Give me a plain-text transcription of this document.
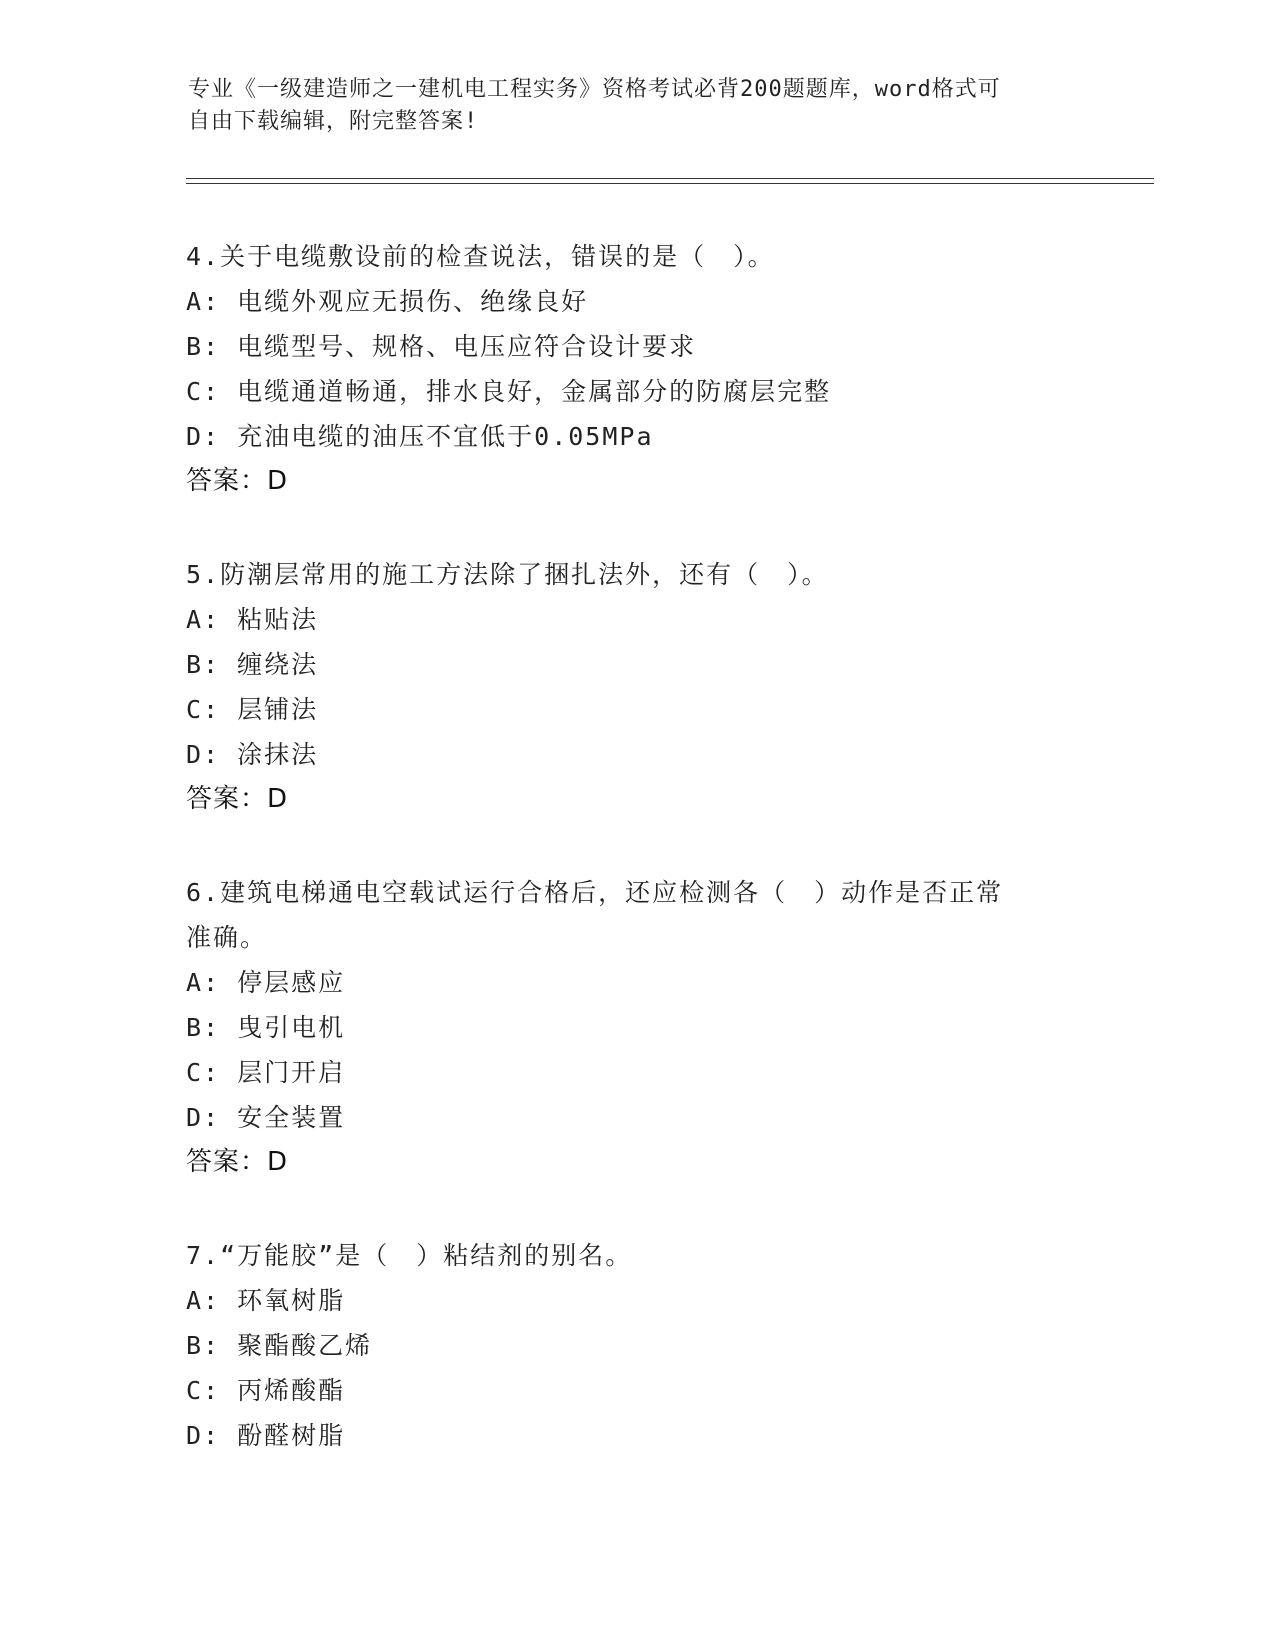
专业《一级建造师之一建机电工程实务》资格考试必背200题题库，word格式可
自由下载编辑，附完整答案!
4.关于电缆敷设前的检查说法，错误的是（　）。
A: 电缆外观应无损伤、绝缘良好
B: 电缆型号、规格、电压应符合设计要求
C: 电缆通道畅通，排水良好，金属部分的防腐层完整
D: 充油电缆的油压不宜低于0.05MPa
答案：D
5.防潮层常用的施工方法除了捆扎法外，还有（　）。
A: 粘贴法
B: 缠绕法
C: 层铺法
D: 涂抹法
答案：D
6.建筑电梯通电空载试运行合格后，还应检测各（　）动作是否正常
准确。
A: 停层感应
B: 曳引电机
C: 层门开启
D: 安全装置
答案：D
7.“万能胶”是（　）粘结剂的别名。
A: 环氧树脂
B: 聚酯酸乙烯
C: 丙烯酸酯
D: 酚醛树脂
